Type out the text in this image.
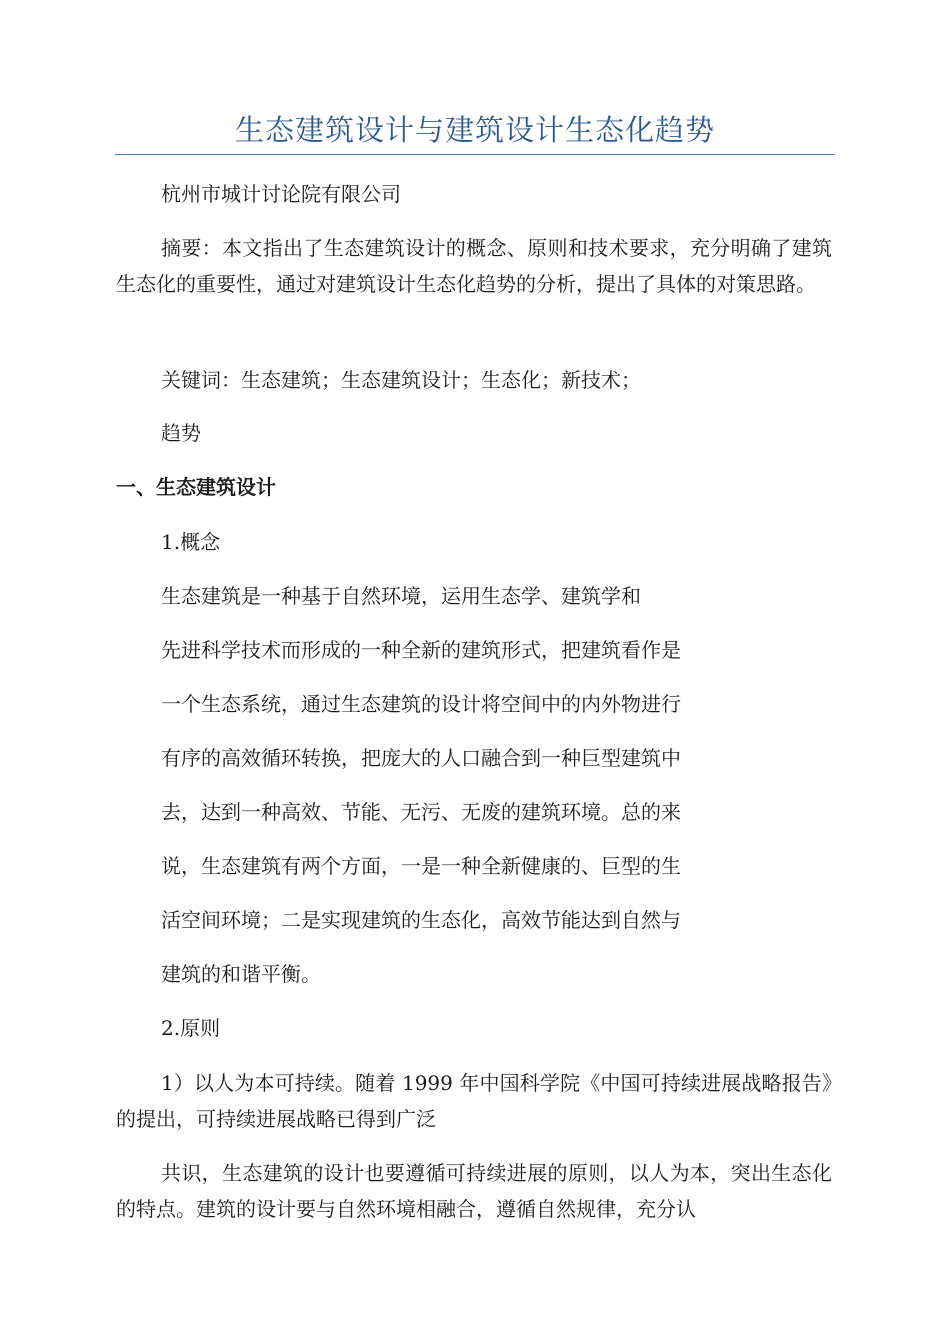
生态建筑设计与建筑设计生态化趋势
杭州市城计讨论院有限公司
摘要：本文指出了生态建筑设计的概念、原则和技术要求，充分明确了建筑生态化的重要性，通过对建筑设计生态化趋势的分析，提出了具体的对策思路。
关键词：生态建筑；生态建筑设计；生态化；新技术；
趋势
一、生态建筑设计
1.概念
生态建筑是一种基于自然环境，运用生态学、建筑学和
先进科学技术而形成的一种全新的建筑形式，把建筑看作是
一个生态系统，通过生态建筑的设计将空间中的内外物进行
有序的高效循环转换，把庞大的人口融合到一种巨型建筑中
去，达到一种高效、节能、无污、无废的建筑环境。总的来
说，生态建筑有两个方面，一是一种全新健康的、巨型的生
活空间环境；二是实现建筑的生态化，高效节能达到自然与
建筑的和谐平衡。
2.原则
1）以人为本可持续。随着 1999 年中国科学院《中国可持续进展战略报告》的提出，可持续进展战略已得到广泛
共识，生态建筑的设计也要遵循可持续进展的原则，以人为本，突出生态化的特点。建筑的设计要与自然环境相融合，遵循自然规律，充分认
